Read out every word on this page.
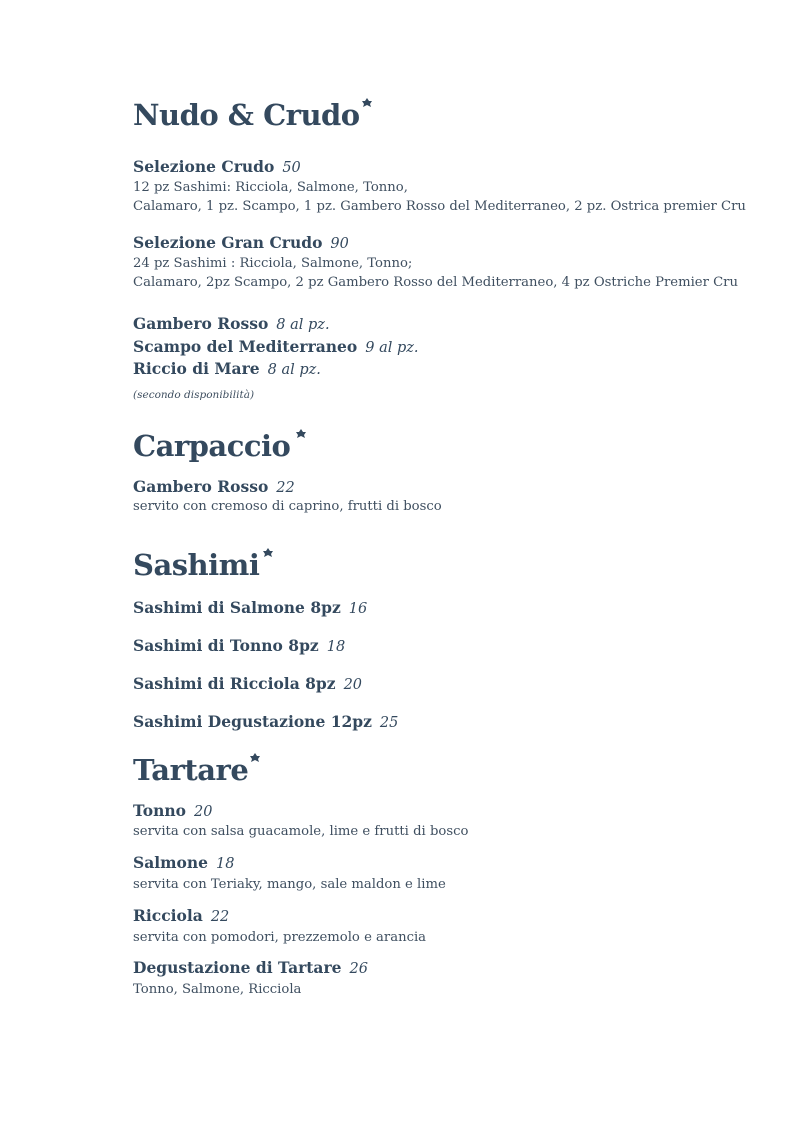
Nudo & Crudo
Selezione Crudo 50
12 pz Sashimi: Ricciola, Salmone, Tonno,
Calamaro, 1 pz. Scampo, 1 pz. Gambero Rosso del Mediterraneo, 2 pz. Ostrica premier Cru
Selezione Gran Crudo 90
24 pz Sashimi : Ricciola, Salmone, Tonno;
Calamaro, 2pz Scampo, 2 pz Gambero Rosso del Mediterraneo, 4 pz Ostriche Premier Cru
Gambero Rosso 8 al pz.
Scampo del Mediterraneo 9 al pz.
Riccio di Mare 8 al pz.
(secondo disponibilità)
Carpaccio
Gambero Rosso 22
servito con cremoso di caprino, frutti di bosco
Sashimi
Sashimi di Salmone 8pz 16
Sashimi di Tonno 8pz 18
Sashimi di Ricciola 8pz 20
Sashimi Degustazione 12pz 25
Tartare
Tonno 20
servita con salsa guacamole, lime e frutti di bosco
Salmone 18
servita con Teriaky, mango, sale maldon e lime
Ricciola 22
servita con pomodori, prezzemolo e arancia
Degustazione di Tartare 26
Tonno, Salmone, Ricciola
